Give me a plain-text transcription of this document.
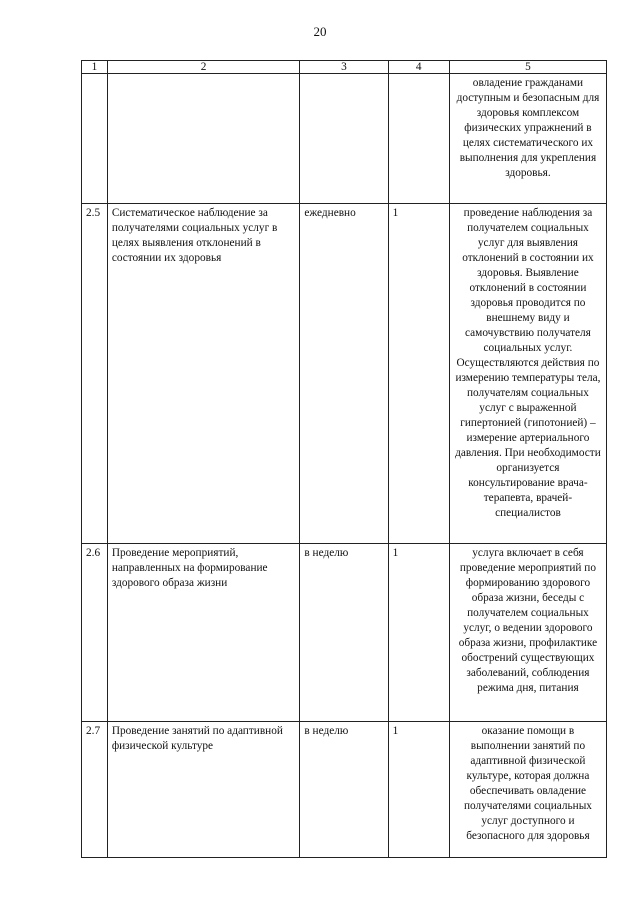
20
1	2	3	4	5
				овладение гражданами доступным и безопасным для здоровья комплексом физических упражнений в целях систематического их выполнения для укрепления здоровья.
2.5	Систематическое наблюдение за получателями социальных услуг в целях выявления отклонений в состоянии их здоровья	ежедневно	1	проведение наблюдения за получателем социальных услуг для выявления отклонений в состоянии их здоровья. Выявление отклонений в состоянии здоровья проводится по внешнему виду и самочувствию получателя социальных услуг. Осуществляются действия по измерению температуры тела, получателям социальных услуг с выраженной гипертонией (гипотонией) – измерение артериального давления. При необходимости организуется консультирование врача-терапевта, врачей-специалистов
2.6	Проведение мероприятий, направленных на формирование здорового образа жизни	в неделю	1	услуга включает в себя проведение мероприятий по формированию здорового образа жизни, беседы с получателем социальных услуг, о ведении здорового образа жизни, профилактике обострений существующих заболеваний, соблюдения режима дня, питания
2.7	Проведение занятий по адаптивной физической культуре	в неделю	1	оказание помощи в выполнении занятий по адаптивной физической культуре, которая должна обеспечивать овладение получателями социальных услуг доступного и безопасного для здоровья
